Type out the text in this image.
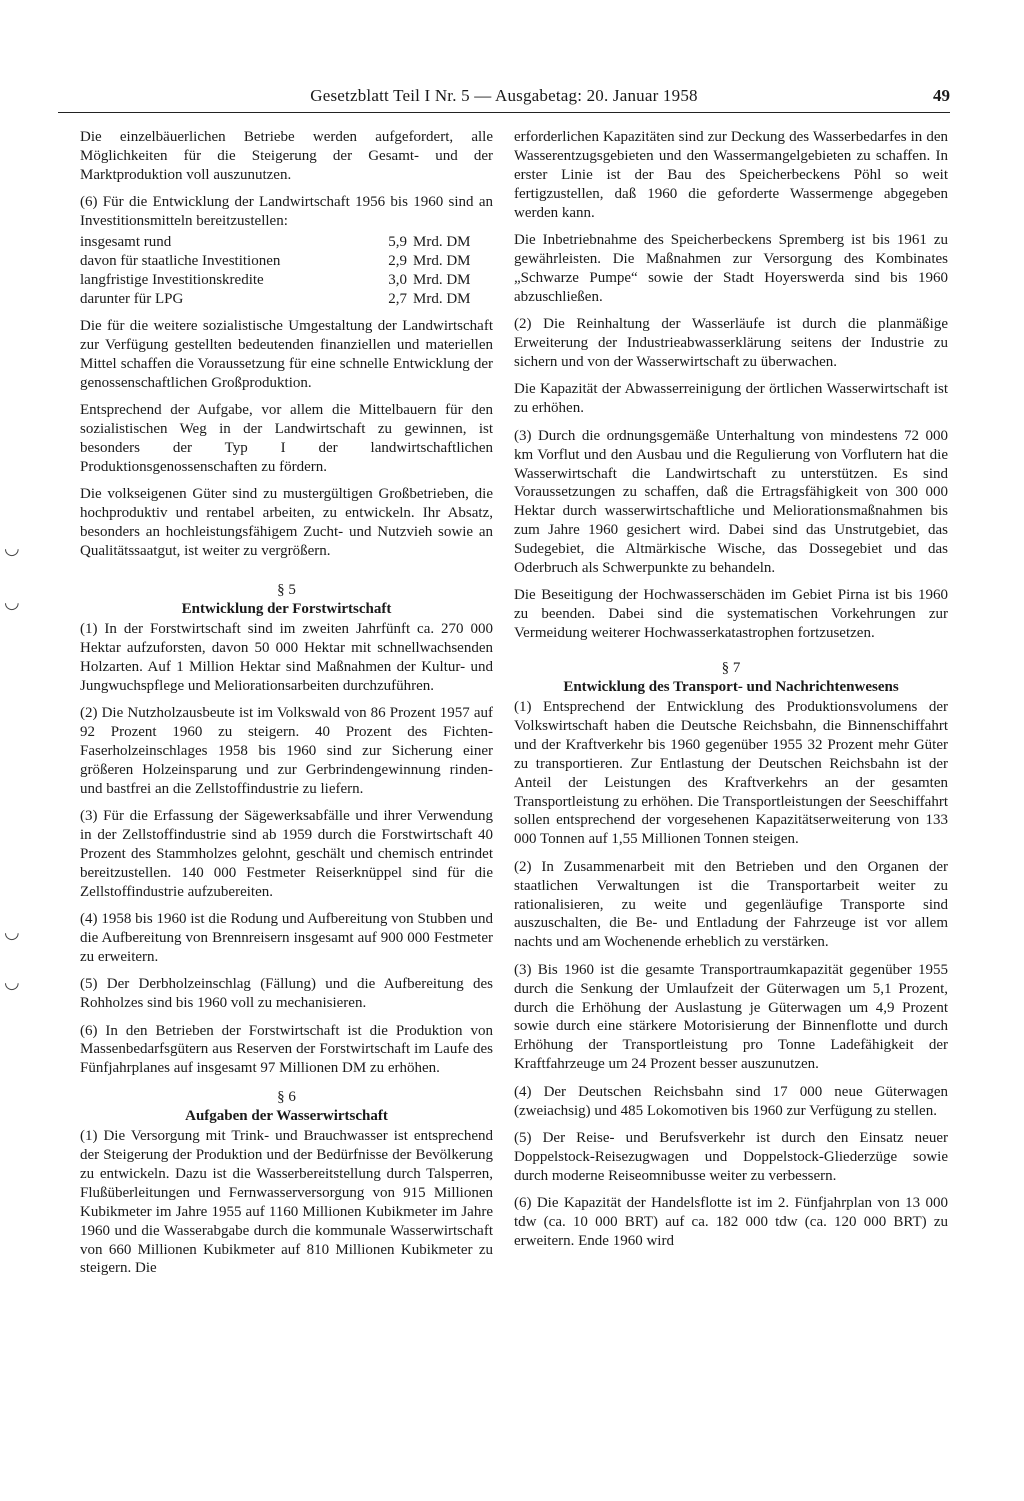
Gesetzblatt Teil I Nr. 5 — Ausgabetag: 20. Januar 1958	49
◡
◡
◡
◡

Die einzelbäuerlichen Betriebe werden aufgefordert, alle Möglichkeiten für die Steigerung der Gesamt- und der Marktproduktion voll auszunutzen.

(6) Für die Entwicklung der Landwirtschaft 1956 bis 1960 sind an Investitionsmitteln bereitzustellen:

insgesamt rund	5,9 Mrd. DM
davon für staatliche Investitionen	2,9 Mrd. DM
langfristige Investitionskredite	3,0 Mrd. DM
darunter für LPG	2,7 Mrd. DM

Die für die weitere sozialistische Umgestaltung der Landwirtschaft zur Verfügung gestellten bedeutenden finanziellen und materiellen Mittel schaffen die Voraussetzung für eine schnelle Entwicklung der genossenschaftlichen Großproduktion.

Entsprechend der Aufgabe, vor allem die Mittelbauern für den sozialistischen Weg in der Landwirtschaft zu gewinnen, ist besonders der Typ I der landwirtschaftlichen Produktionsgenossenschaften zu fördern.

Die volkseigenen Güter sind zu mustergültigen Großbetrieben, die hochproduktiv und rentabel arbeiten, zu entwickeln. Ihr Absatz, besonders an hochleistungsfähigem Zucht- und Nutzvieh sowie an Qualitätssaatgut, ist weiter zu vergrößern.

§ 5
Entwicklung der Forstwirtschaft

(1) In der Forstwirtschaft sind im zweiten Jahrfünft ca. 270 000 Hektar aufzuforsten, davon 50 000 Hektar mit schnellwachsenden Holzarten. Auf 1 Million Hektar sind Maßnahmen der Kultur- und Jungwuchspflege und Meliorationsarbeiten durchzuführen.

(2) Die Nutzholzausbeute ist im Volkswald von 86 Prozent 1957 auf 92 Prozent 1960 zu steigern. 40 Prozent des Fichten-Faserholzeinschlages 1958 bis 1960 sind zur Sicherung einer größeren Holzeinsparung und zur Gerbrindengewinnung rinden- und bastfrei an die Zellstoffindustrie zu liefern.

(3) Für die Erfassung der Sägewerksabfälle und ihrer Verwendung in der Zellstoffindustrie sind ab 1959 durch die Forstwirtschaft 40 Prozent des Stammholzes gelohnt, geschält und chemisch entrindet bereitzustellen. 140 000 Festmeter Reiserknüppel sind für die Zellstoffindustrie aufzubereiten.

(4) 1958 bis 1960 ist die Rodung und Aufbereitung von Stubben und die Aufbereitung von Brennreisern insgesamt auf 900 000 Festmeter zu erweitern.

(5) Der Derbholzeinschlag (Fällung) und die Aufbereitung des Rohholzes sind bis 1960 voll zu mechanisieren.

(6) In den Betrieben der Forstwirtschaft ist die Produktion von Massenbedarfsgütern aus Reserven der Forstwirtschaft im Laufe des Fünfjahrplanes auf insgesamt 97 Millionen DM zu erhöhen.

§ 6
Aufgaben der Wasserwirtschaft

(1) Die Versorgung mit Trink- und Brauchwasser ist entsprechend der Steigerung der Produktion und der Bedürfnisse der Bevölkerung zu entwickeln. Dazu ist die Wasserbereitstellung durch Talsperren, Flußüberleitungen und Fernwasserversorgung von 915 Millionen Kubikmeter im Jahre 1955 auf 1160 Millionen Kubikmeter im Jahre 1960 und die Wasserabgabe durch die kommunale Wasserwirtschaft von 660 Millionen Kubikmeter auf 810 Millionen Kubikmeter zu steigern. Die

erforderlichen Kapazitäten sind zur Deckung des Wasserbedarfes in den Wasserentzugsgebieten und den Wassermangelgebieten zu schaffen. In erster Linie ist der Bau des Speicherbeckens Pöhl so weit fertigzustellen, daß 1960 die geforderte Wassermenge abgegeben werden kann.

Die Inbetriebnahme des Speicherbeckens Spremberg ist bis 1961 zu gewährleisten. Die Maßnahmen zur Versorgung des Kombinates „Schwarze Pumpe“ sowie der Stadt Hoyerswerda sind bis 1960 abzuschließen.

(2) Die Reinhaltung der Wasserläufe ist durch die planmäßige Erweiterung der Industrieabwasserklärung seitens der Industrie zu sichern und von der Wasserwirtschaft zu überwachen.

Die Kapazität der Abwasserreinigung der örtlichen Wasserwirtschaft ist zu erhöhen.

(3) Durch die ordnungsgemäße Unterhaltung von mindestens 72 000 km Vorflut und den Ausbau und die Regulierung von Vorflutern hat die Wasserwirtschaft die Landwirtschaft zu unterstützen. Es sind Voraussetzungen zu schaffen, daß die Ertragsfähigkeit von 300 000 Hektar durch wasserwirtschaftliche und Meliorationsmaßnahmen bis zum Jahre 1960 gesichert wird. Dabei sind das Unstrutgebiet, das Sudegebiet, die Altmärkische Wische, das Dossegebiet und das Oderbruch als Schwerpunkte zu behandeln.

Die Beseitigung der Hochwasserschäden im Gebiet Pirna ist bis 1960 zu beenden. Dabei sind die systematischen Vorkehrungen zur Vermeidung weiterer Hochwasserkatastrophen fortzusetzen.

§ 7
Entwicklung des Transport- und Nachrichtenwesens

(1) Entsprechend der Entwicklung des Produktionsvolumens der Volkswirtschaft haben die Deutsche Reichsbahn, die Binnenschiffahrt und der Kraftverkehr bis 1960 gegenüber 1955 32 Prozent mehr Güter zu transportieren. Zur Entlastung der Deutschen Reichsbahn ist der Anteil der Leistungen des Kraftverkehrs an der gesamten Transportleistung zu erhöhen. Die Transportleistungen der Seeschiffahrt sollen entsprechend der vorgesehenen Kapazitätserweiterung von 133 000 Tonnen auf 1,55 Millionen Tonnen steigen.

(2) In Zusammenarbeit mit den Betrieben und den Organen der staatlichen Verwaltungen ist die Transportarbeit weiter zu rationalisieren, zu weite und gegenläufige Transporte sind auszuschalten, die Be- und Entladung der Fahrzeuge ist vor allem nachts und am Wochenende erheblich zu verstärken.

(3) Bis 1960 ist die gesamte Transportraumkapazität gegenüber 1955 durch die Senkung der Umlaufzeit der Güterwagen um 5,1 Prozent, durch die Erhöhung der Auslastung je Güterwagen um 4,9 Prozent sowie durch eine stärkere Motorisierung der Binnenflotte und durch Erhöhung der Transportleistung pro Tonne Ladefähigkeit der Kraftfahrzeuge um 24 Prozent besser auszunutzen.

(4) Der Deutschen Reichsbahn sind 17 000 neue Güterwagen (zweiachsig) und 485 Lokomotiven bis 1960 zur Verfügung zu stellen.

(5) Der Reise- und Berufsverkehr ist durch den Einsatz neuer Doppelstock-Reisezugwagen und Doppelstock-Gliederzüge sowie durch moderne Reiseomnibusse weiter zu verbessern.

(6) Die Kapazität der Handelsflotte ist im 2. Fünfjahrplan von 13 000 tdw (ca. 10 000 BRT) auf ca. 182 000 tdw (ca. 120 000 BRT) zu erweitern. Ende 1960 wird
